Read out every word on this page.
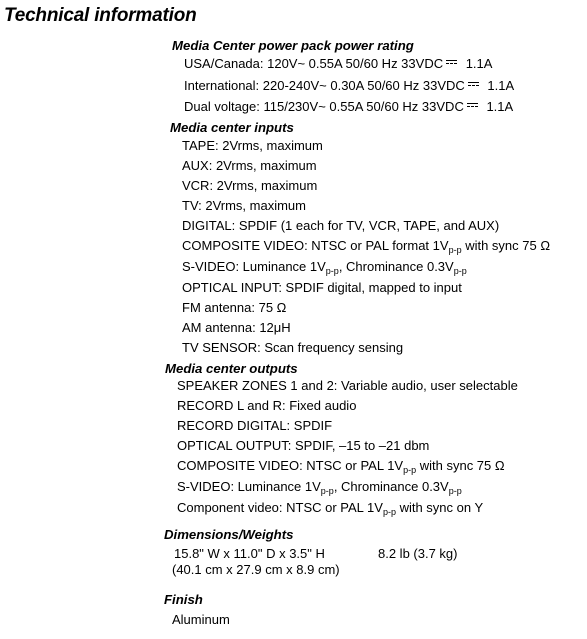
Technical information
Media Center power pack power rating
USA/Canada: 120V~ 0.55A 50/60 Hz 33VDC 1.1A
International: 220-240V~ 0.30A 50/60 Hz 33VDC 1.1A
Dual voltage: 115/230V~ 0.55A 50/60 Hz 33VDC 1.1A
Media center inputs
TAPE: 2Vrms, maximum
AUX: 2Vrms, maximum
VCR: 2Vrms, maximum
TV: 2Vrms, maximum
DIGITAL: SPDIF (1 each for TV, VCR, TAPE, and AUX)
COMPOSITE VIDEO: NTSC or PAL format $1V_{p-p}$ with sync 75 Ω
S-VIDEO: Luminance $1V_{p-p}$, Chrominance $0.3V_{p-p}$
OPTICAL INPUT: SPDIF digital, mapped to input
FM antenna: 75 Ω
AM antenna: 12μH
TV SENSOR: Scan frequency sensing
Media center outputs
SPEAKER ZONES 1 and 2: Variable audio, user selectable
RECORD L and R: Fixed audio
RECORD DIGITAL: SPDIF
OPTICAL OUTPUT: SPDIF, –15 to –21 dbm
COMPOSITE VIDEO: NTSC or PAL $1V_{p-p}$ with sync 75 Ω
S-VIDEO: Luminance $1V_{p-p}$, Chrominance $0.3V_{p-p}$
Component video: NTSC or PAL $1V_{p-p}$ with sync on Y
Dimensions/Weights
15.8" W x 11.0" D x 3.5" H	8.2 lb (3.7 kg)
(40.1 cm x 27.9 cm x 8.9 cm)
Finish
Aluminum
